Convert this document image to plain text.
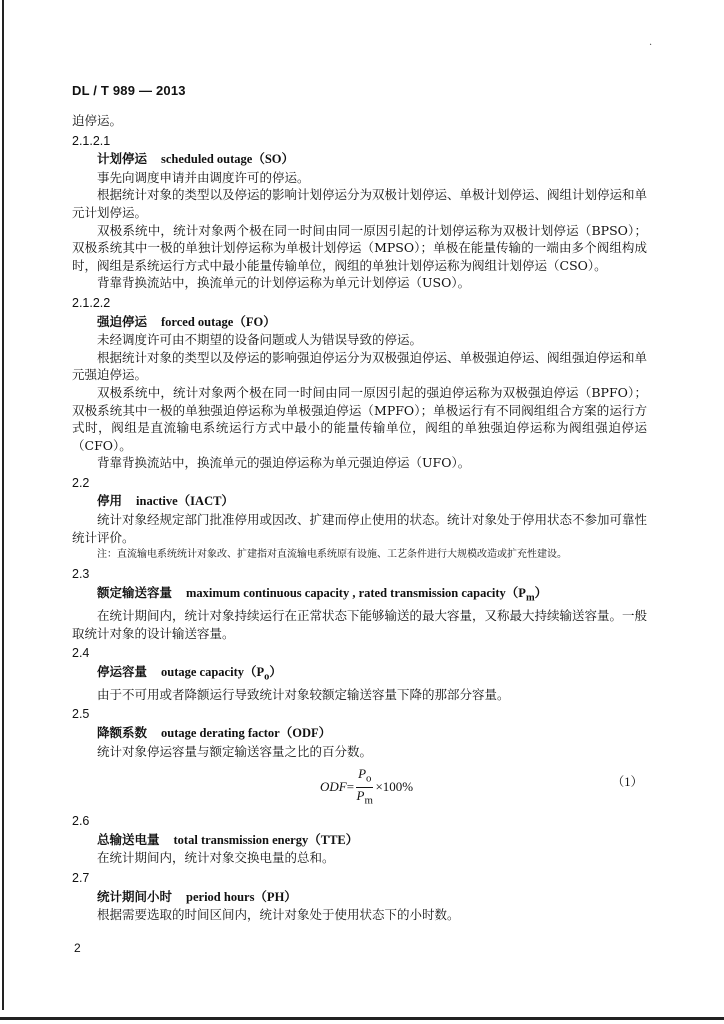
·
DL / T 989 — 2013
迫停运。
2.1.2.1
计划停运 scheduled outage（SO）

事先向调度申请并由调度许可的停运。

根据统计对象的类型以及停运的影响计划停运分为双极计划停运、单极计划停运、阀组计划停运和单元计划停运。

双极系统中，统计对象两个极在同一时间由同一原因引起的计划停运称为双极计划停运（BPSO）；双极系统其中一极的单独计划停运称为单极计划停运（MPSO）；单极在能量传输的一端由多个阀组构成时，阀组是系统运行方式中最小能量传输单位，阀组的单独计划停运称为阀组计划停运（CSO）。

背靠背换流站中，换流单元的计划停运称为单元计划停运（USO）。

2.1.2.2
强迫停运 forced outage（FO）

未经调度许可由不期望的设备问题或人为错误导致的停运。

根据统计对象的类型以及停运的影响强迫停运分为双极强迫停运、单极强迫停运、阀组强迫停运和单元强迫停运。

双极系统中，统计对象两个极在同一时间由同一原因引起的强迫停运称为双极强迫停运（BPFO）；双极系统其中一极的单独强迫停运称为单极强迫停运（MPFO）；单极运行有不同阀组组合方案的运行方式时，阀组是直流输电系统运行方式中最小的能量传输单位，阀组的单独强迫停运称为阀组强迫停运（CFO）。

背靠背换流站中，换流单元的强迫停运称为单元强迫停运（UFO）。

2.2
停用 inactive（IACT）

统计对象经规定部门批准停用或因改、扩建而停止使用的状态。统计对象处于停用状态不参加可靠性统计评价。

注：直流输电系统统计对象改、扩建指对直流输电系统原有设施、工艺条件进行大规模改造或扩充性建设。
2.3
额定输送容量 maximum continuous capacity , rated transmission $capacity(P_m)$

在统计期间内，统计对象持续运行在正常状态下能够输送的最大容量，又称最大持续输送容量。一般取统计对象的设计输送容量。

2.4
停运容量 outage $capacity(P_o)$

由于不可用或者降额运行导致统计对象较额定输送容量下降的那部分容量。

2.5
降额系数 outage derating factor（ODF）

统计对象停运容量与额定输送容量之比的百分数。

ODF = $\frac{P_o}{P_m} \times 100\%$	（1）
2.6
总输送电量 total transmission energy（TTE）

在统计期间内，统计对象交换电量的总和。

2.7
统计期间小时 period hours（PH）

根据需要选取的时间区间内，统计对象处于使用状态下的小时数。

2
